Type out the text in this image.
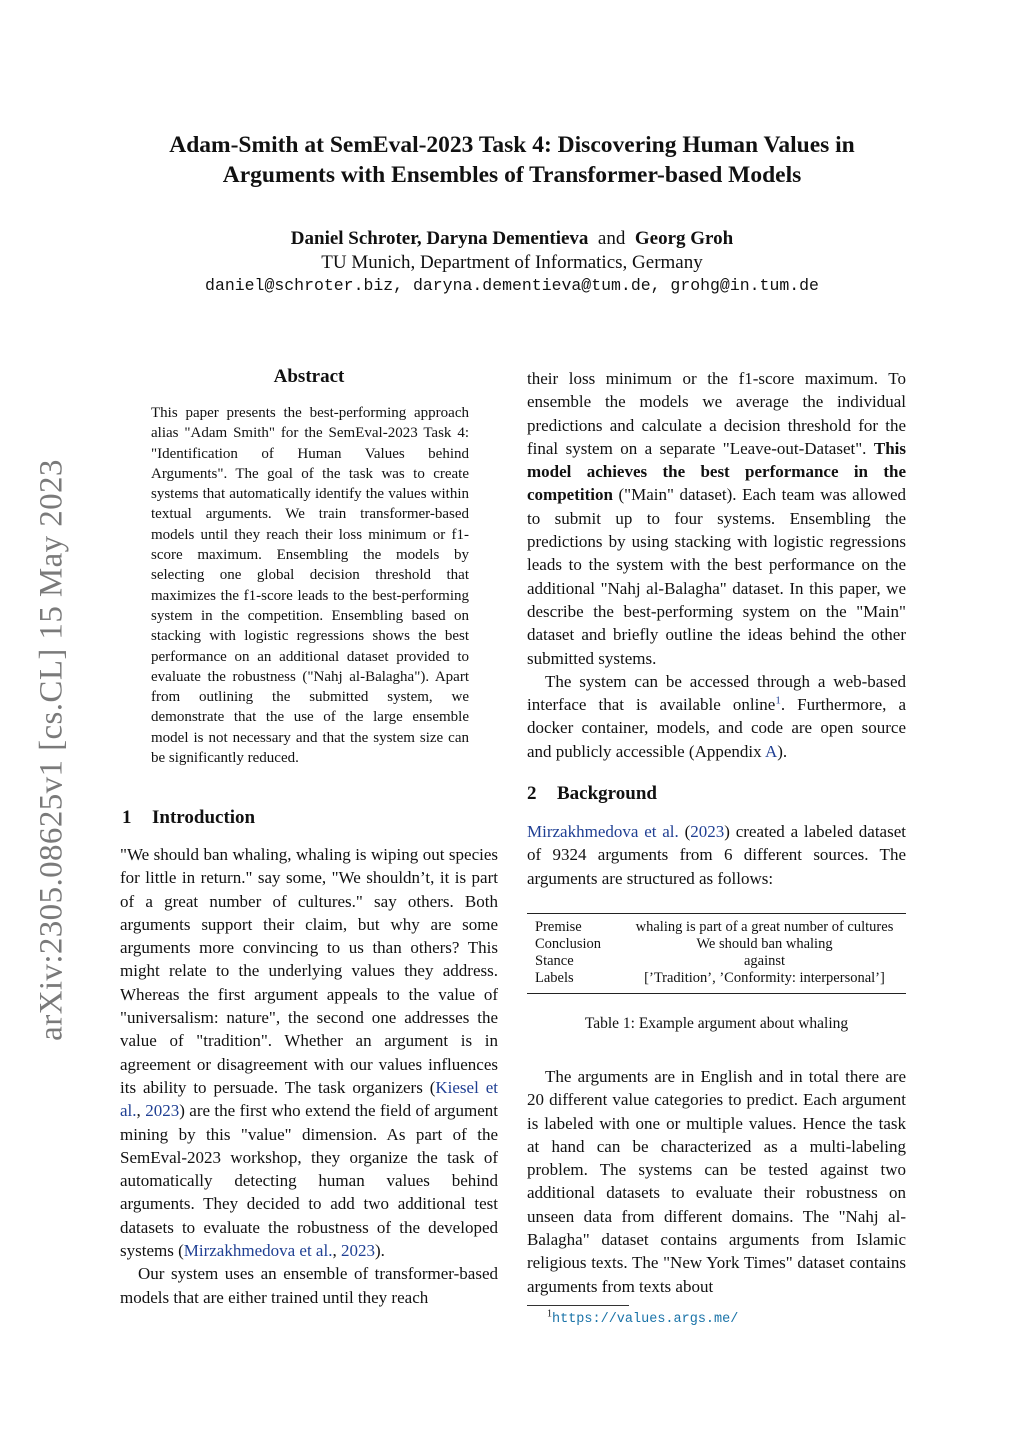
arXiv:2305.08625v1 [cs.CL] 15 May 2023
Adam-Smith at SemEval-2023 Task 4: Discovering Human Values in
Arguments with Ensembles of Transformer-based Models
Daniel Schroter, Daryna Dementieva and Georg Groh
TU Munich, Department of Informatics, Germany
daniel@schroter.biz, daryna.dementieva@tum.de, grohg@in.tum.de
Abstract

This paper presents the best-performing approach alias "Adam Smith" for the SemEval-2023 Task 4: "Identification of Human Values behind Arguments". The goal of the task was to create systems that automatically identify the values within textual arguments. We train transformer-based models until they reach their loss minimum or f1-score maximum. Ensembling the models by selecting one global decision threshold that maximizes the f1-score leads to the best-performing system in the competition. Ensembling based on stacking with logistic regressions shows the best performance on an additional dataset provided to evaluate the robustness ("Nahj al-Balagha"). Apart from outlining the submitted system, we demonstrate that the use of the large ensemble model is not necessary and that the system size can be significantly reduced.

1 Introduction

"We should ban whaling, whaling is wiping out species for little in return." say some, "We shouldn’t, it is part of a great number of cultures." say others. Both arguments support their claim, but why are some arguments more convincing to us than others? This might relate to the underlying values they address. Whereas the first argument appeals to the value of "universalism: nature", the second one addresses the value of "tradition". Whether an argument is in agreement or disagreement with our values influences its ability to persuade. The task organizers (Kiesel et al., 2023) are the first who extend the field of argument mining by this "value" dimension. As part of the SemEval-2023 workshop, they organize the task of automatically detecting human values behind arguments. They decided to add two additional test datasets to evaluate the robustness of the developed systems (Mirzakhmedova et al., 2023).

Our system uses an ensemble of transformer-based models that are either trained until they reach

their loss minimum or the f1-score maximum. To ensemble the models we average the individual predictions and calculate a decision threshold for the final system on a separate "Leave-out-Dataset". This model achieves the best performance in the competition ("Main" dataset). Each team was allowed to submit up to four systems. Ensembling the predictions by using stacking with logistic regressions leads to the system with the best performance on the additional "Nahj al-Balagha" dataset. In this paper, we describe the best-performing system on the "Main" dataset and briefly outline the ideas behind the other submitted systems.

The system can be accessed through a web-based interface that is available online$^1$. Furthermore, a docker container, models, and code are open source and publicly accessible (Appendix A).

2 Background

Mirzakhmedova et al. (2023) created a labeled dataset of 9324 arguments from 6 different sources. The arguments are structured as follows:

Premise	whaling is part of a great number of cultures
Conclusion	We should ban whaling
Stance	against
Labels	[’Tradition’, ’Conformity: interpersonal’]
Table 1: Example argument about whaling

The arguments are in English and in total there are 20 different value categories to predict. Each argument is labeled with one or multiple values. Hence the task at hand can be characterized as a multi-labeling problem. The systems can be tested against two additional datasets to evaluate their robustness on unseen data from different domains. The "Nahj al-Balagha" dataset contains arguments from Islamic religious texts. The "New York Times" dataset contains arguments from texts about

$^1$https://values.args.me/
